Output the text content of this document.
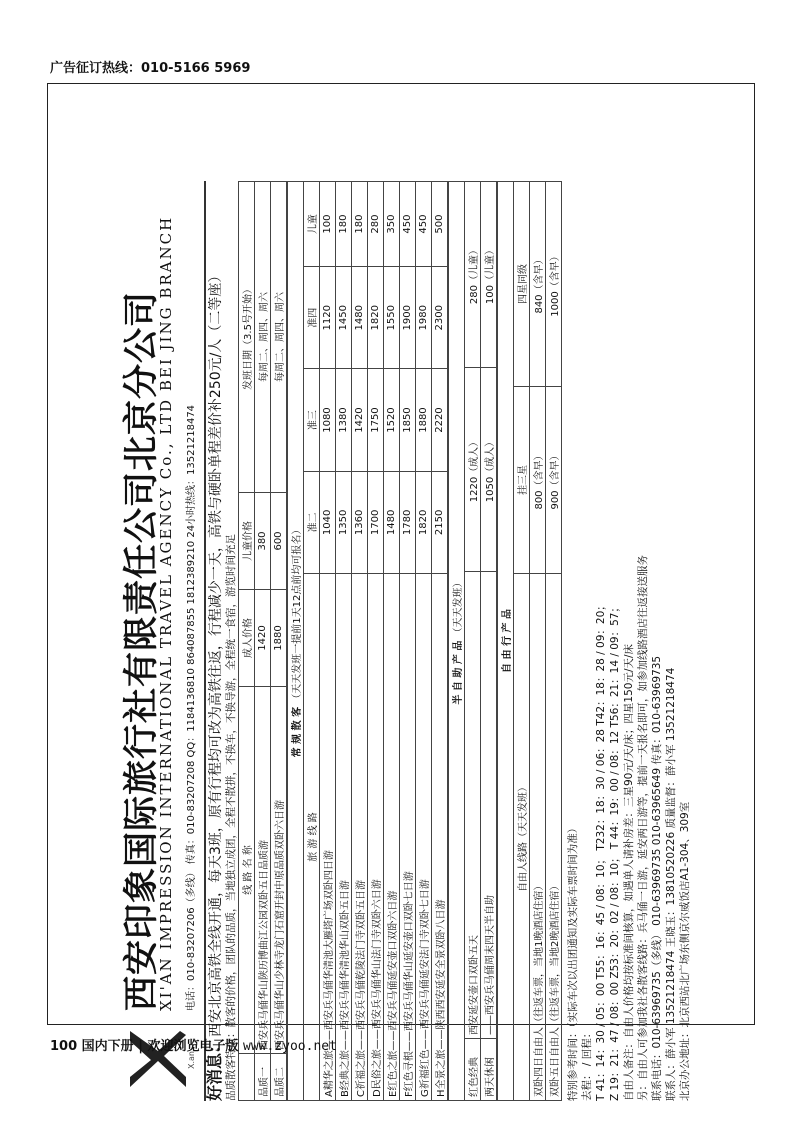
广告征订热线：010-5166 5969
X.an
西安印象国际旅行社有限责任公司北京分公司
XI'AN IMPRESSION INTERNATIONAL TRAVEL AGENCY Co., LTD BEI JING BRANCH	电话：010-83207206（多线） 传真：010-83207208 QQ：1184136810 864087855 1812389210 24小时热线：13521218474
好消息：西安北京高铁全线开通，每天3班，原有行程均可改为高铁往返，行程减少一天，高铁与硬卧单程差价补250元/人（二等座）
品质散客特点：散客的价格，团队的品质，当地独立成团，全程不散拼，不换车，不换导游，全程统一食宿，游览时间充足
	线 路 名 称	成人价格	儿童价格	发班日期（3.5号开始）
品质一	西安兵马俑华山陕历博曲江公园双卧五日品质游	1420	380	每周二、周四、周六
品质二	西安兵马俑华山少林寺龙门石窟开封中原品质双卧六日游	1880	600	每周二、周四、周六
常 规 散 客 （天天发班一提前1天12点前均可报名）				
旅 游 线 路	准二	准三	准四	儿童
A精华之旅——西安兵马俑华清池大雁塔广场双卧四日游	1040	1080	1120	100
B经典之旅——西安兵马俑华清池华山双卧五日游	1350	1380	1450	180
C祈福之旅——西安兵马俑乾陵法门寺双卧五日游	1360	1420	1480	180
D民俗之旅——西安兵马俑华山法门寺双卧六日游	1700	1750	1820	280
E红色之旅——西安兵马俑延安壶口双卧六日游	1480	1520	1550	350
F红色寻根——西安兵马俑华山延安壶口双卧七日游	1780	1850	1900	450
G祈福红色——西安兵马俑延安法门寺双卧七日游	1820	1880	1980	450
H全景之旅——陕西西安延安全景双卧八日游	2150	2220	2300	500
半 自 助 产 品 （天天发班）			
红色经典	西安延安壶口双卧五天	1220（成人）	280（儿童）
两天休闲	——西安兵马俑周末四天半自助	1050（成人）	100（儿童）
自 由 行 产 品		
自由人线路（天天发班）	挂三星	四星同级
双卧四日自由人（往返车票，当地1晚酒店住宿）	800（含早）	840（含早）
双卧五日自由人（往返车票，当地2晚酒店住宿）	900（含早）	1000（含早）
特别参考时间：（实际车次以出团通知及实际车票时间为准） 去程： / 回程： T 41：14：30 / 05：00 T55：16：45 / 08：10； T232：18：30 / 06：28 T42：18：28 / 09：20； Z 19：21：47 / 08：00 Z53：20：02 / 08：10； T 44：19：00 / 08：12 T56：21：14 / 09：57； 自由人备注：自由人价格均按标准间核算，如遇单人请补房差：三星90元/天/床；四星150元/天/床 另：自由人可参加我社各散客线路：兵马俑一日游，延安两日游等，提前一天报名即可，如参加线路酒店往返接送服务 联系电话：010-63969735（多线） 010-63969735 010-63965649 传真：010-63969735 联系人：薛小军 13521218474 王晓玉：13810520226 质量监督：薛小军 13521218474 北京办公地址：北京西站北广场东侧京尔威饭店A1-304、309室
100 国内下册 | 欢迎浏览电子版 www.zyoo.net
